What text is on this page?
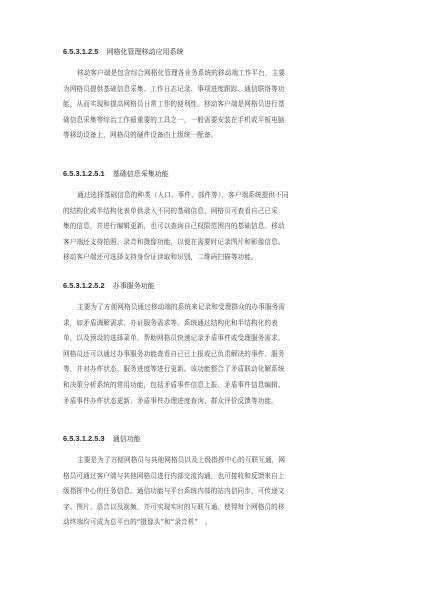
6.5.3.1.2.5 网格化管理移动应用系统
移动客户端是包含综合网格化管理各业务系统的移动端工作平台，主要
为网格员提供基础信息采集、工作日志记录、事项进度跟踪、通信联络等功
能，从而实现和提高网格员日常工作的便利性。移动客户端是网格员进行基
础信息采集等综治工作最重要的工具之一，一般需要安装在手机或平板电脑
等移动设备上，网格员的硬件设备由上级统一配备。
6.5.3.1.2.5.1 基础信息采集功能
通过选择基础信息的种类（人口、事件、部件等），客户端系统提供不同
的结构化或半结构化表单供录入不同的基础信息，网格员可查看自己已采
集的信息，并进行编辑更新，也可以查询自己权限范围内的基础信息。移动
客户端还支持拍照、录音和摄像功能，以便在需要时记录图片和影像信息。
移动客户端还可选择支持身份证读取和识别，二维码扫描等功能。
6.5.3.1.2.5.2 办事服务功能
主要为了方便网格员通过移动端的系统来记录和受理群众的办事服务需
求，如矛盾调解需求、办证服务需求等。系统通过结构化和半结构化的表
单，以及预设的选择菜单，帮助网格员快速记录矛盾事件或受理服务需求。
网格员还可以通过办事服务功能查看自己已上报或已负责解决的事件、服务
等，并对办件状态、服务进度等进行更新。该功能整合了矛盾联动化解系统
和决策分析系统的常用功能，包括矛盾事件信息上报、矛盾事件信息编辑、
矛盾事件办件状态更新、矛盾事件办理进度查询、群众评价反馈等功能。
6.5.3.1.2.5.3 通信功能
主要是为了方便网格员与其他网格员以及上级指挥中心的互联互通，网
格员可通过客户端与其他网格员进行内部交流沟通，也可接收和反馈来自上
级指挥中心的任务信息。通信功能与平台系统内部的站内信同步，可传递文
字、图片、语音以及视频，并可实现实时的互联互通，使得每个网格员的移
动终端均可成为总平台的“摄像头”和“录音机”　。
